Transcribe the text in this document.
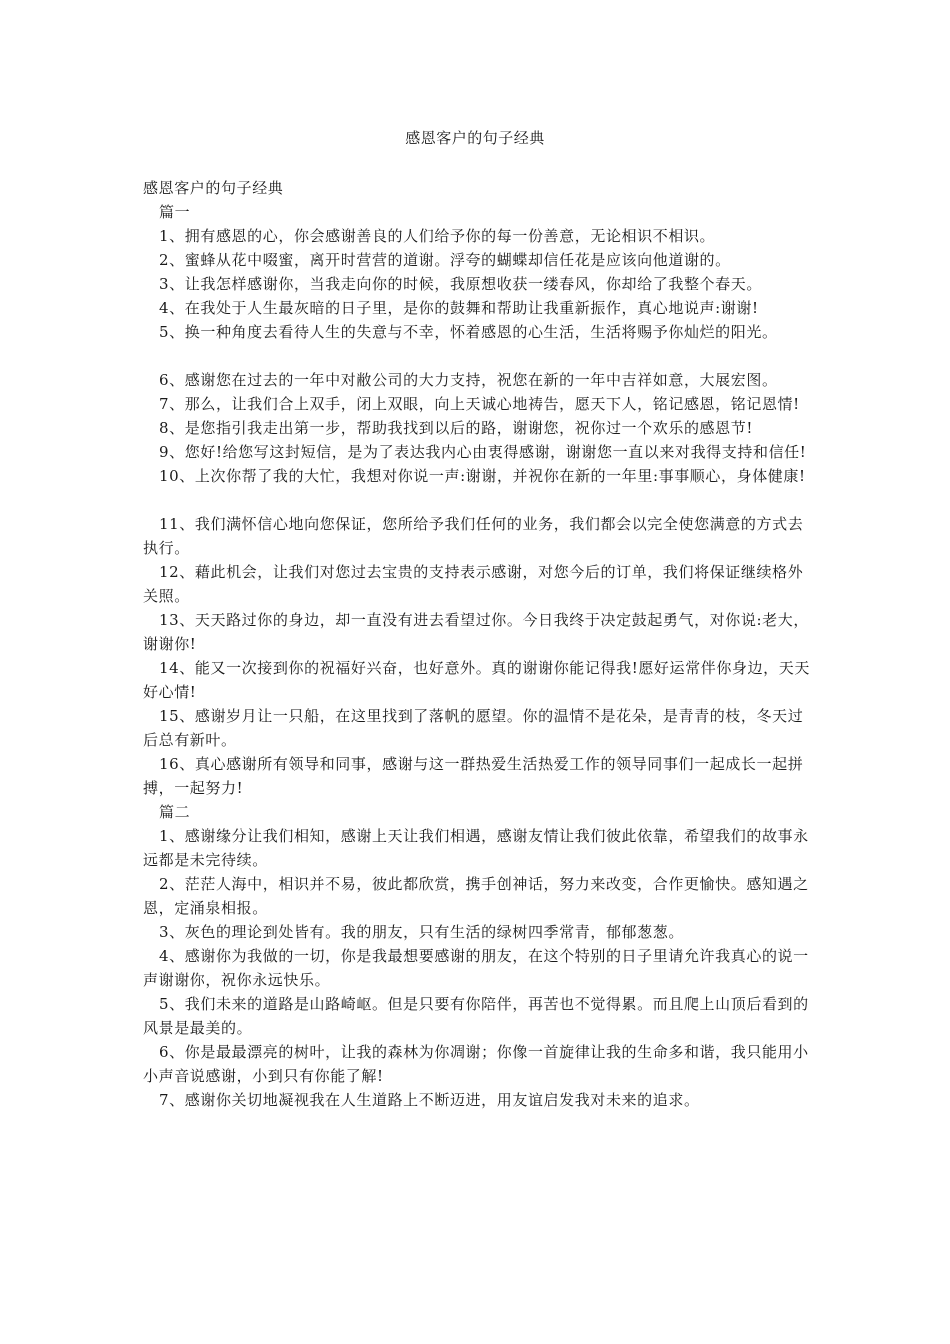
感恩客户的句子经典

感恩客户的句子经典

篇一

1、拥有感恩的心，你会感谢善良的人们给予你的每一份善意，无论相识不相识。

2、蜜蜂从花中啜蜜，离开时营营的道谢。浮夸的蝴蝶却信任花是应该向他道谢的。

3、让我怎样感谢你，当我走向你的时候，我原想收获一缕春风，你却给了我整个春天。

4、在我处于人生最灰暗的日子里，是你的鼓舞和帮助让我重新振作，真心地说声:谢谢!

5、换一种角度去看待人生的失意与不幸，怀着感恩的心生活，生活将赐予你灿烂的阳光。

6、感谢您在过去的一年中对敝公司的大力支持，祝您在新的一年中吉祥如意，大展宏图。

7、那么，让我们合上双手，闭上双眼，向上天诚心地祷告，愿天下人，铭记感恩，铭记恩情!

8、是您指引我走出第一步，帮助我找到以后的路，谢谢您，祝你过一个欢乐的感恩节!

9、您好!给您写这封短信，是为了表达我内心由衷得感谢，谢谢您一直以来对我得支持和信任!

10、上次你帮了我的大忙，我想对你说一声:谢谢，并祝你在新的一年里:事事顺心，身体健康!

11、我们满怀信心地向您保证，您所给予我们任何的业务，我们都会以完全使您满意的方式去执行。

12、藉此机会，让我们对您过去宝贵的支持表示感谢，对您今后的订单，我们将保证继续格外关照。

13、天天路过你的身边，却一直没有进去看望过你。今日我终于决定鼓起勇气，对你说:老大，谢谢你!

14、能又一次接到你的祝福好兴奋，也好意外。真的谢谢你能记得我!愿好运常伴你身边，天天好心情!

15、感谢岁月让一只船，在这里找到了落帆的愿望。你的温情不是花朵，是青青的枝，冬天过后总有新叶。

16、真心感谢所有领导和同事，感谢与这一群热爱生活热爱工作的领导同事们一起成长一起拼搏，一起努力!

篇二

1、感谢缘分让我们相知，感谢上天让我们相遇，感谢友情让我们彼此依靠，希望我们的故事永远都是未完待续。

2、茫茫人海中，相识并不易，彼此都欣赏，携手创神话，努力来改变，合作更愉快。感知遇之恩，定涌泉相报。

3、灰色的理论到处皆有。我的朋友，只有生活的绿树四季常青，郁郁葱葱。

4、感谢你为我做的一切，你是我最想要感谢的朋友，在这个特别的日子里请允许我真心的说一声谢谢你，祝你永远快乐。

5、我们未来的道路是山路崎岖。但是只要有你陪伴，再苦也不觉得累。而且爬上山顶后看到的风景是最美的。

6、你是最最漂亮的树叶，让我的森林为你凋谢；你像一首旋律让我的生命多和谐，我只能用小小声音说感谢，小到只有你能了解!

7、感谢你关切地凝视我在人生道路上不断迈进，用友谊启发我对未来的追求。
